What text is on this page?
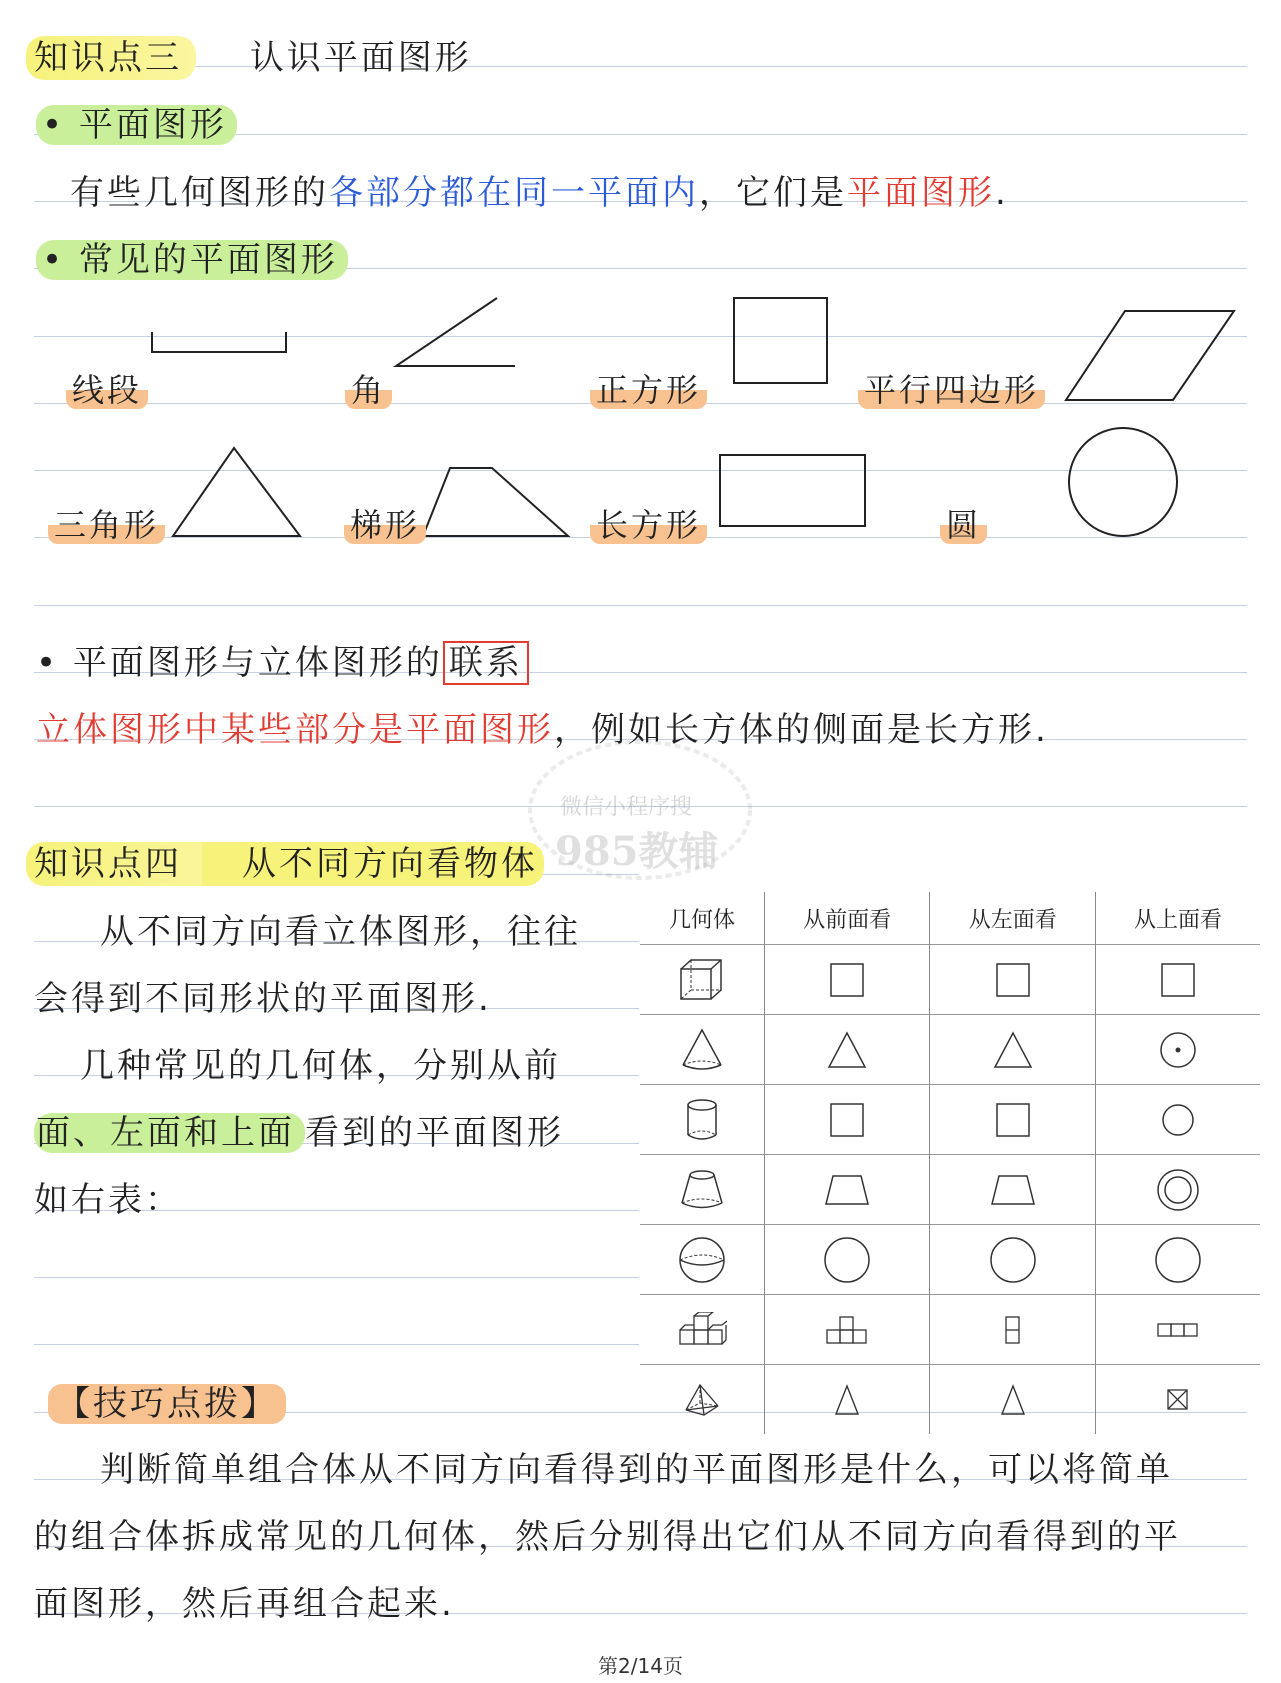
微信小程序搜
985教辅
知识点三 认识平面图形
• 平面图形
有些几何图形的各部分都在同一平面内，它们是平面图形.
• 常见的平面图形
线段	角	正方形	平行四边形
三角形	梯形	长方形	圆
• 平面图形与立体图形的 联系
立体图形中某些部分是平面图形，例如长方体的侧面是长方形.
知识点四 从不同方向看物体
从不同方向看立体图形，往往
会得到不同形状的平面图形.
几种常见的几何体，分别从前
面、左面和上面 看到的平面图形
如右表：
几何体	从前面看	从左面看	从上面看

【技巧点拨】
判断简单组合体从不同方向看得到的平面图形是什么，可以将简单
的组合体拆成常见的几何体，然后分别得出它们从不同方向看得到的平
面图形，然后再组合起来.
第2/14页
